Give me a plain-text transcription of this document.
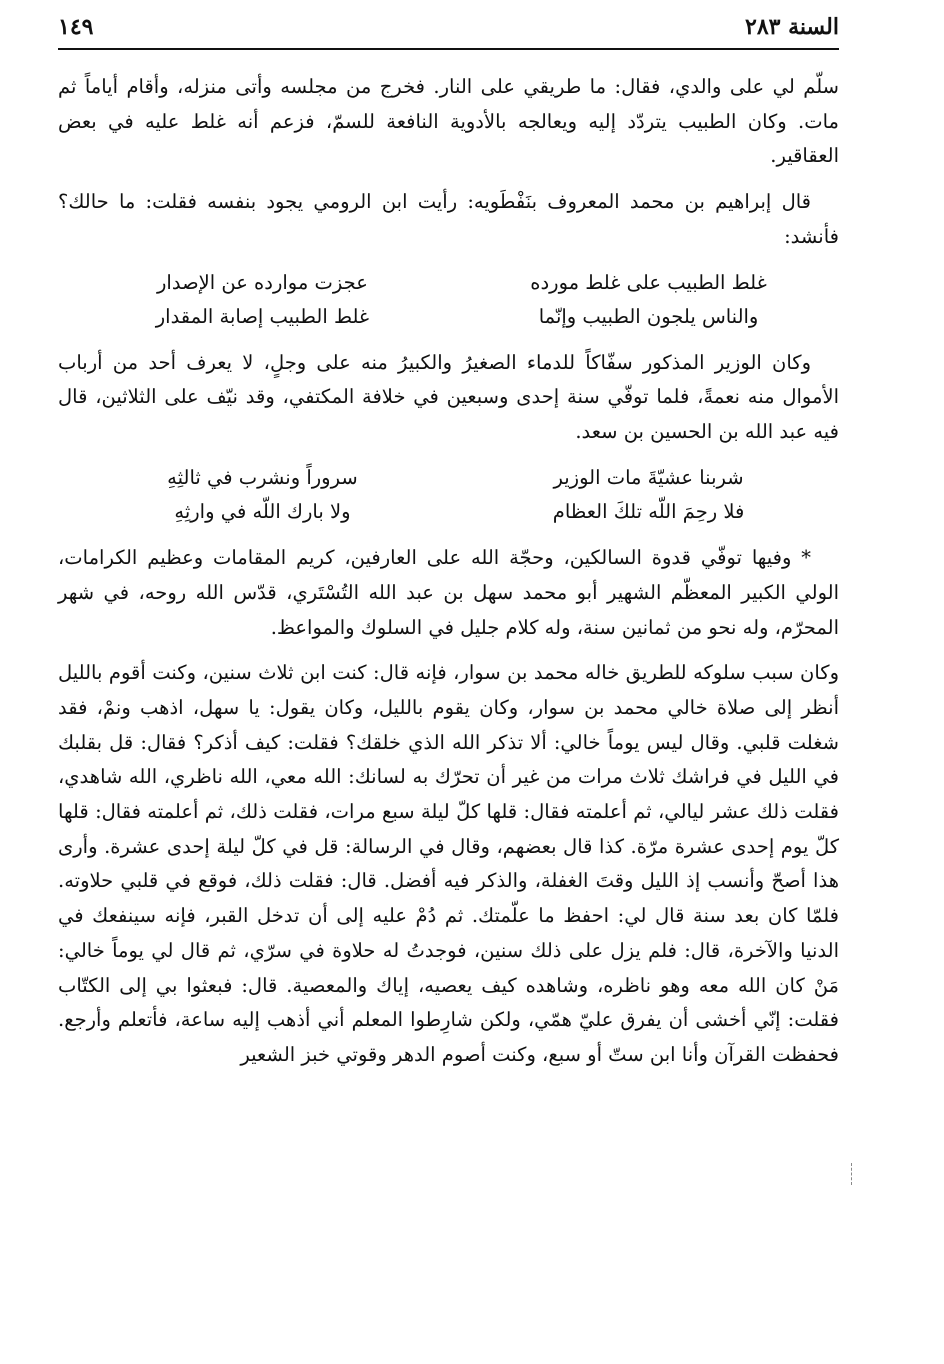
السنة ٢٨٣
١٤٩

سلّم لي على والدي، فقال: ما طريقي على النار. فخرج من مجلسه وأتى منزله، وأقام أياماً ثم مات. وكان الطبيب يتردّد إليه ويعالجه بالأدوية النافعة للسمّ، فزعم أنه غلط عليه في بعض العقاقير.

قال إبراهيم بن محمد المعروف بنَفْطَويه: رأيت ابن الرومي يجود بنفسه فقلت: ما حالك؟ فأنشد:

غلط الطبيب على غلط مورده
عجزت موارده عن الإصدار
والناس يلجون الطبيب وإنّما
غلط الطبيب إصابة المقدار

وكان الوزير المذكور سفّاكاً للدماء الصغيرُ والكبيرُ منه على وجلٍ، لا يعرف أحد من أرباب الأموال منه نعمةً، فلما توفّي سنة إحدى وسبعين في خلافة المكتفي، وقد نيّف على الثلاثين، قال فيه عبد الله بن الحسين بن سعد.

شربنا عشيّةَ مات الوزير
سروراً ونشرب في ثالثِهِ
فلا رحِمَ اللّه تلكَ العظام
ولا بارك اللّه في وارثِهِ

* وفيها توفّي قدوة السالكين، وحجّة الله على العارفين، كريم المقامات وعظيم الكرامات، الولي الكبير المعظّم الشهير أبو محمد سهل بن عبد الله التُسْتَري، قدّس الله روحه، في شهر المحرّم، وله نحو من ثمانين سنة، وله كلام جليل في السلوك والمواعظ.

وكان سبب سلوكه للطريق خاله محمد بن سوار، فإنه قال: كنت ابن ثلاث سنين، وكنت أقوم بالليل أنظر إلى صلاة خالي محمد بن سوار، وكان يقوم بالليل، وكان يقول: يا سهل، اذهب ونمْ، فقد شغلت قلبي. وقال ليس يوماً خالي: ألا تذكر الله الذي خلقك؟ فقلت: كيف أذكر؟ فقال: قل بقلبك في الليل في فراشك ثلاث مرات من غير أن تحرّك به لسانك: الله معي، الله ناظري، الله شاهدي، فقلت ذلك عشر ليالي، ثم أعلمته فقال: قلها كلّ ليلة سبع مرات، فقلت ذلك، ثم أعلمته فقال: قلها كلّ يوم إحدى عشرة مرّة. كذا قال بعضهم، وقال في الرسالة: قل في كلّ ليلة إحدى عشرة. وأرى هذا أصحّ وأنسب إذ الليل وقتَ الغفلة، والذكر فيه أفضل. قال: فقلت ذلك، فوقع في قلبي حلاوته. فلمّا كان بعد سنة قال لي: احفظ ما علّمتك. ثم دُمْ عليه إلى أن تدخل القبر، فإنه سينفعك في الدنيا والآخرة، قال: فلم يزل على ذلك سنين، فوجدتُ له حلاوة في سرّي، ثم قال لي يوماً خالي: مَنْ كان الله معه وهو ناظره، وشاهده كيف يعصيه، إياك والمعصية. قال: فبعثوا بي إلى الكتّاب فقلت: إنّي أخشى أن يفرق عليّ همّي، ولكن شارِطوا المعلم أني أذهب إليه ساعة، فأتعلم وأرجع. فحفظت القرآن وأنا ابن ستّ أو سبع، وكنت أصوم الدهر وقوتي خبز الشعير
